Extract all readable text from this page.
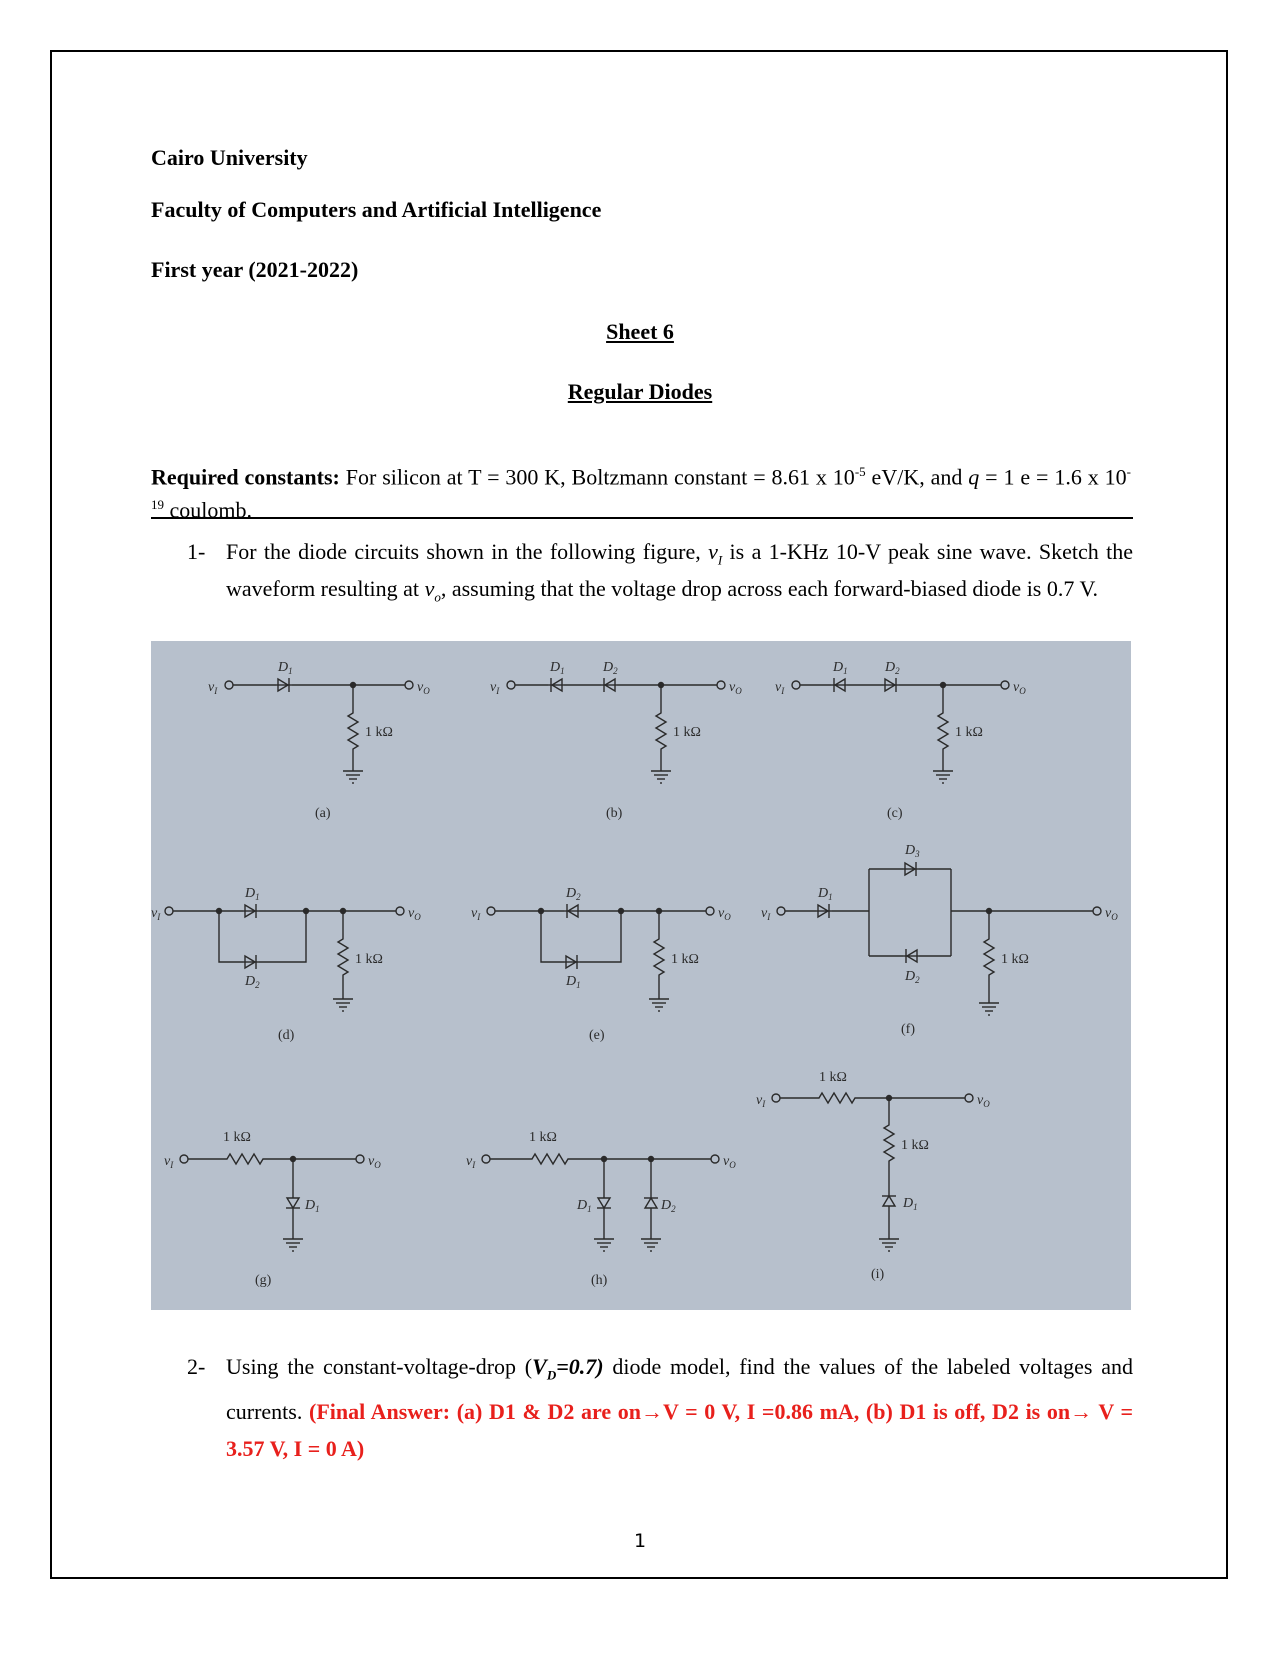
Cairo University

Faculty of Computers and Artificial Intelligence

First year (2021-2022)

Sheet 6

Regular Diodes

Required constants: For silicon at T = 300 K, Boltzmann constant = 8.61 x $10^{-5}$ eV/K, and q = 1 e = 1.6 x $10^{-19}$ coulomb.
1- For the diode circuits shown in the following figure, $v_I$ is a 1-KHz 10-V peak sine wave. Sketch the waveform resulting at $v_o$, assuming that the voltage drop across each forward-biased diode is 0.7 V.
$v_I$	$v_O$
$D_1$
$v_I$	$v_O$
$D_1$	$D_2$
$v_I$	$v_O$
$D_1$	$D_2$
$v_I$	$v_O$
$D_1$
$D_2$
$v_I$	$v_O$
$D_2$
$D_1$
$v_I$	$v_O$
$D_1$
$D_3$
$D_2$
$v_I$	$v_O$
$D_1$
$v_I$	$v_O$
$D_1$
$v_I$	$v_O$
$D_1$	$D_2$
1 kΩ	1 kΩ	1 kΩ
1 kΩ	1 kΩ	1 kΩ
1 kΩ
1 kΩ
1 kΩ	1 kΩ
(a)	(b)	(c)
(d)	(e)	(f)
(g)	(h)	(i)
2- Using the constant-voltage-drop $(V_D=0.7)$ diode model, find the values of the labeled voltages and currents. (Final Answer: (a) D1 & D2 are on→V = 0 V, I =0.86 mA, (b) D1 is off, D2 is on→ V = 3.57 V, I = 0 A)
1
